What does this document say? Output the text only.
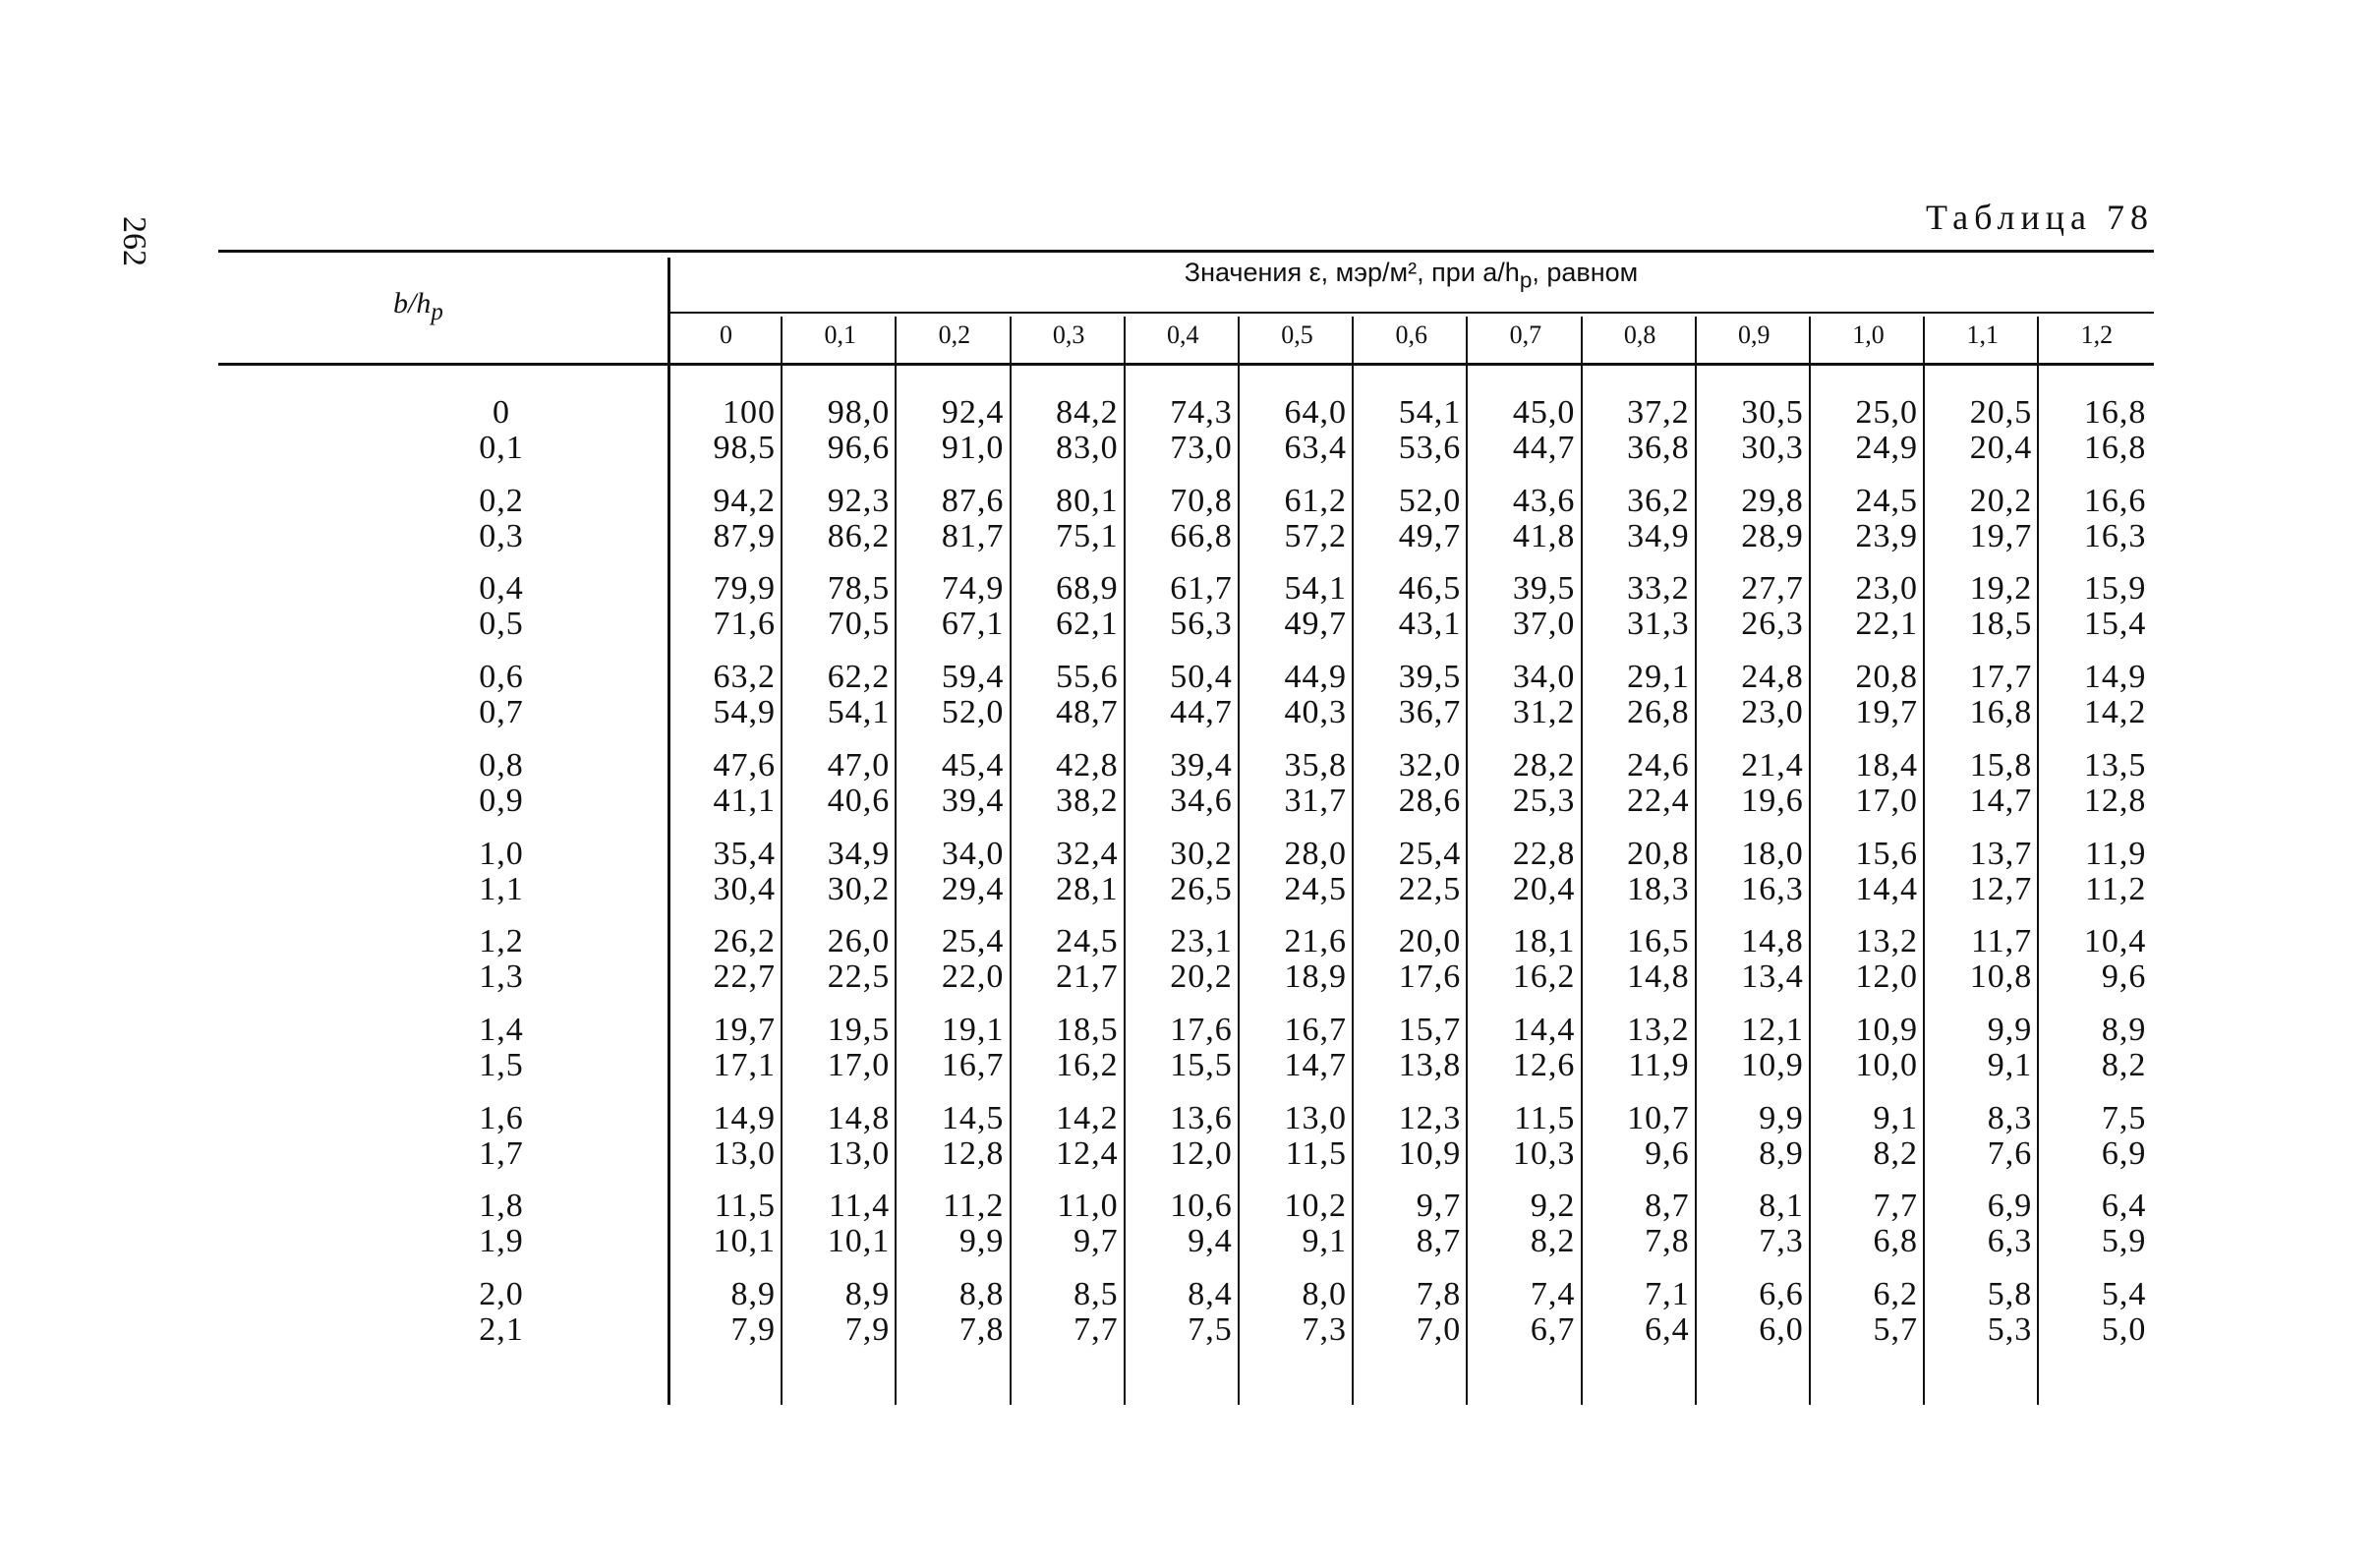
262	Таблица 78
$b/h_р$
Значения ε, мэр/м², при $a/h_р$, равном
0	0,1	0,2	0,3	0,4	0,5	0,6	0,7	0,8	0,9	1,0	1,1	1,2
0	100	98,0	92,4	84,2	74,3	64,0	54,1	45,0	37,2	30,5	25,0	20,5	16,8
0,1	98,5	96,6	91,0	83,0	73,0	63,4	53,6	44,7	36,8	30,3	24,9	20,4	16,8
0,2	94,2	92,3	87,6	80,1	70,8	61,2	52,0	43,6	36,2	29,8	24,5	20,2	16,6
0,3	87,9	86,2	81,7	75,1	66,8	57,2	49,7	41,8	34,9	28,9	23,9	19,7	16,3
0,4	79,9	78,5	74,9	68,9	61,7	54,1	46,5	39,5	33,2	27,7	23,0	19,2	15,9
0,5	71,6	70,5	67,1	62,1	56,3	49,7	43,1	37,0	31,3	26,3	22,1	18,5	15,4
0,6	63,2	62,2	59,4	55,6	50,4	44,9	39,5	34,0	29,1	24,8	20,8	17,7	14,9
0,7	54,9	54,1	52,0	48,7	44,7	40,3	36,7	31,2	26,8	23,0	19,7	16,8	14,2
0,8	47,6	47,0	45,4	42,8	39,4	35,8	32,0	28,2	24,6	21,4	18,4	15,8	13,5
0,9	41,1	40,6	39,4	38,2	34,6	31,7	28,6	25,3	22,4	19,6	17,0	14,7	12,8
1,0	35,4	34,9	34,0	32,4	30,2	28,0	25,4	22,8	20,8	18,0	15,6	13,7	11,9
1,1	30,4	30,2	29,4	28,1	26,5	24,5	22,5	20,4	18,3	16,3	14,4	12,7	11,2
1,2	26,2	26,0	25,4	24,5	23,1	21,6	20,0	18,1	16,5	14,8	13,2	11,7	10,4
1,3	22,7	22,5	22,0	21,7	20,2	18,9	17,6	16,2	14,8	13,4	12,0	10,8	9,6
1,4	19,7	19,5	19,1	18,5	17,6	16,7	15,7	14,4	13,2	12,1	10,9	9,9	8,9
1,5	17,1	17,0	16,7	16,2	15,5	14,7	13,8	12,6	11,9	10,9	10,0	9,1	8,2
1,6	14,9	14,8	14,5	14,2	13,6	13,0	12,3	11,5	10,7	9,9	9,1	8,3	7,5
1,7	13,0	13,0	12,8	12,4	12,0	11,5	10,9	10,3	9,6	8,9	8,2	7,6	6,9
1,8	11,5	11,4	11,2	11,0	10,6	10,2	9,7	9,2	8,7	8,1	7,7	6,9	6,4
1,9	10,1	10,1	9,9	9,7	9,4	9,1	8,7	8,2	7,8	7,3	6,8	6,3	5,9
2,0	8,9	8,9	8,8	8,5	8,4	8,0	7,8	7,4	7,1	6,6	6,2	5,8	5,4
2,1	7,9	7,9	7,8	7,7	7,5	7,3	7,0	6,7	6,4	6,0	5,7	5,3	5,0
